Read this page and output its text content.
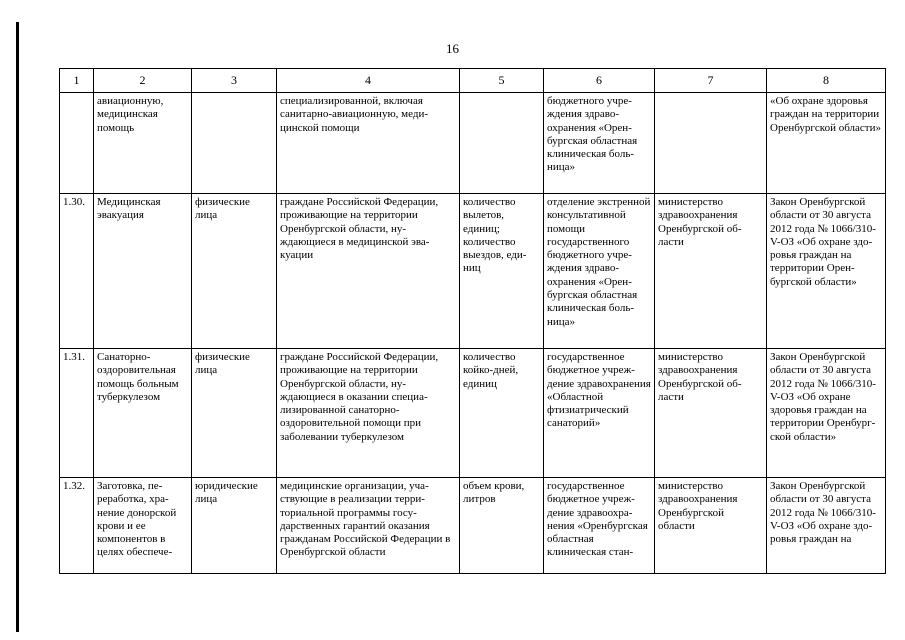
16
1	2	3	4	5	6	7	8
	авиационную, медицинская помощь		специализированной, включая санитарно-авиационную, медицинской помощи		бюджетного учреждения здравоохранения «Оренбургская областная клиническая больница»		«Об охране здоровья граждан на территории Оренбургской области»
1.30.	Медицинская эвакуация	физические лица	граждане Российской Федерации, проживающие на территории Оренбургской области, нуждающиеся в медицинской эвакуации	количество вылетов, единиц; количество выездов, единиц	отделение экстренной консультативной помощи государственного бюджетного учреждения здравоохранения «Оренбургская областная клиническая больница»	министерство здравоохранения Оренбургской области	Закон Оренбургской области от 30 августа 2012 года № 1066/310-V-ОЗ «Об охране здоровья граждан на территории Оренбургской области»
1.31.	Санаторно-оздоровительная помощь больным туберкулезом	физические лица	граждане Российской Федерации, проживающие на территории Оренбургской области, нуждающиеся в оказании специализированной санаторно-оздоровительной помощи при заболевании туберкулезом	количество койко-дней, единиц	государственное бюджетное учреждение здравохранения «Областной фтизиатрический санаторий»	министерство здравоохранения Оренбургской области	Закон Оренбургской области от 30 августа 2012 года № 1066/310-V-ОЗ «Об охране здоровья граждан на территории Оренбургской области»
1.32.	Заготовка, переработка, хранение донорской крови и ее компонентов в целях обеспече-	юридические лица	медицинские организации, участвующие в реализации территориальной программы государственных гарантий оказания гражданам Российской Федерации в Оренбургской области	объем крови, литров	государственное бюджетное учреждение здравоохранения «Оренбургская областная клиническая стан-	министерство здравоохранения Оренбургской области	Закон Оренбургской области от 30 августа 2012 года № 1066/310-V-ОЗ «Об охране здоровья граждан на
